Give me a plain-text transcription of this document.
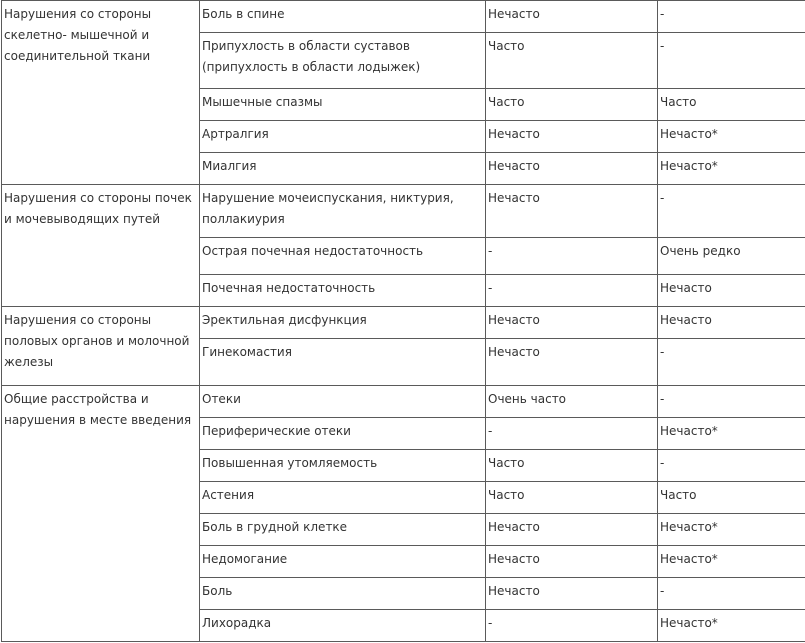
Нарушения со стороны скелетно- мышечной и соединительной ткани	Боль в спине	Нечасто	-
	Припухлость в области суставов (припухлость в области лодыжек)	Часто	-
	Мышечные спазмы	Часто	Часто
	Артралгия	Нечасто	Нечасто*
	Миалгия	Нечасто	Нечасто*
Нарушения со стороны почек и мочевыводящих путей	Нарушение мочеиспускания, никтурия, поллакиурия	Нечасто	-
	Острая почечная недостаточность	-	Очень редко
	Почечная недостаточность	-	Нечасто
Нарушения со стороны половых органов и молочной железы	Эректильная дисфункция	Нечасто	Нечасто
	Гинекомастия	Нечасто	-
Общие расстройства и нарушения в месте введения	Отеки	Очень часто	-
	Периферические отеки	-	Нечасто*
	Повышенная утомляемость	Часто	-
	Астения	Часто	Часто
	Боль в грудной клетке	Нечасто	Нечасто*
	Недомогание	Нечасто	Нечасто*
	Боль	Нечасто	-
	Лихорадка	-	Нечасто*
